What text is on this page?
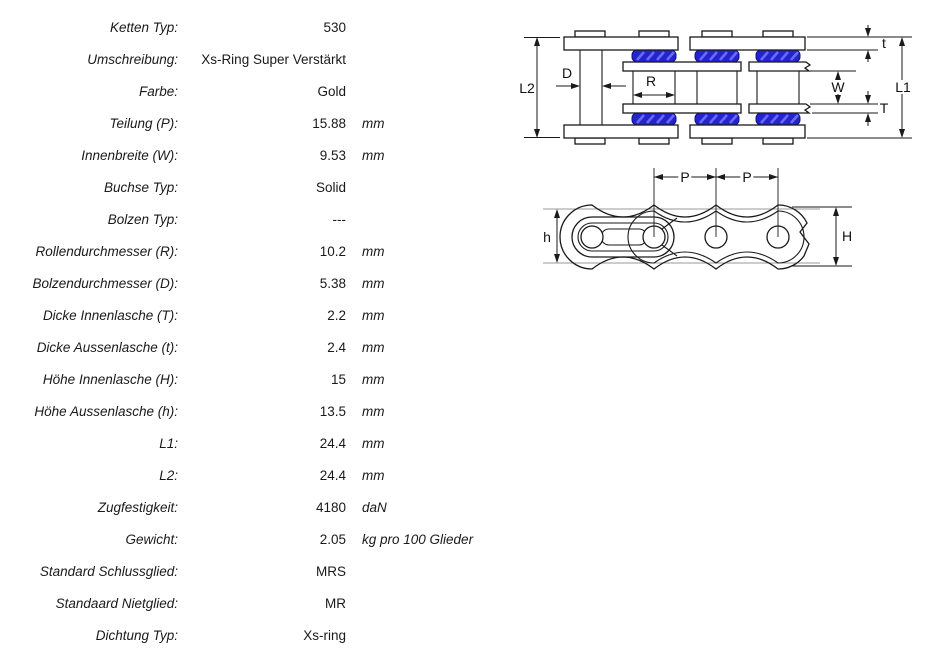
Ketten Typ:	530
Umschreibung:	Xs-Ring Super Verstärkt
Farbe:	Gold
Teilung (P):	15.88	mm
Innenbreite (W):	9.53	mm
Buchse Typ:	Solid
Bolzen Typ:	---
Rollendurchmesser (R):	10.2	mm
Bolzendurchmesser (D):	5.38	mm
Dicke Innenlasche (T):	2.2	mm
Dicke Aussenlasche (t):	2.4	mm
Höhe Innenlasche (H):	15	mm
Höhe Aussenlasche (h):	13.5	mm
L1:	24.4	mm
L2:	24.4	mm
Zugfestigkeit:	4180	daN
Gewicht:	2.05	kg pro 100 Glieder
Standard Schlussglied:	MRS
Standaard Nietglied:	MR
Dichtung Typ:	Xs-ring
L2
D	R	W
t
T
L1
P	P
h	H
